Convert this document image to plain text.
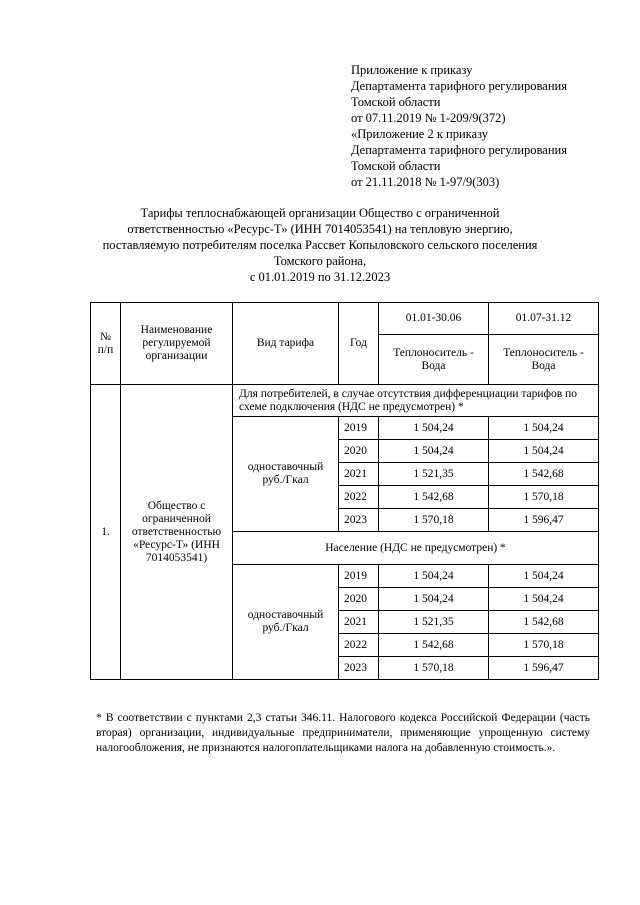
Приложение к приказу
Департамента тарифного регулирования
Томской области
от 07.11.2019 № 1-209/9(372)
«Приложение 2 к приказу
Департамента тарифного регулирования
Томской области
от 21.11.2018 № 1-97/9(303)
Тарифы теплоснабжающей организации Общество с ограниченной
ответственностью «Ресурс-Т» (ИНН 7014053541) на тепловую энергию,
поставляемую потребителям поселка Рассвет Копыловского сельского поселения
Томского района,
с 01.01.2019 по 31.12.2023
№ п/п	Наименование регулируемой организации	Вид тарифа	Год	01.01-30.06	01.07-31.12
				Теплоноситель - Вода	Теплоноситель - Вода
1.	Общество с ограниченной ответственностью «Ресурс-Т» (ИНН 7014053541)	Для потребителей, в случае отсутствия дифференциации тарифов по схеме подключения (НДС не предусмотрен) *			
		одноставочный руб./Гкал	2019	1 504,24	1 504,24
			2020	1 504,24	1 504,24
			2021	1 521,35	1 542,68
			2022	1 542,68	1 570,18
			2023	1 570,18	1 596,47
		Население (НДС не предусмотрен) *			
		одноставочный руб./Гкал	2019	1 504,24	1 504,24
			2020	1 504,24	1 504,24
			2021	1 521,35	1 542,68
			2022	1 542,68	1 570,18
			2023	1 570,18	1 596,47
* В соответствии с пунктами 2,3 статьи 346.11. Налогового кодекса Российской Федерации (часть вторая) организации, индивидуальные предприниматели, применяющие упрощенную систему налогообложения, не признаются налогоплательщиками налога на добавленную стоимость.».
